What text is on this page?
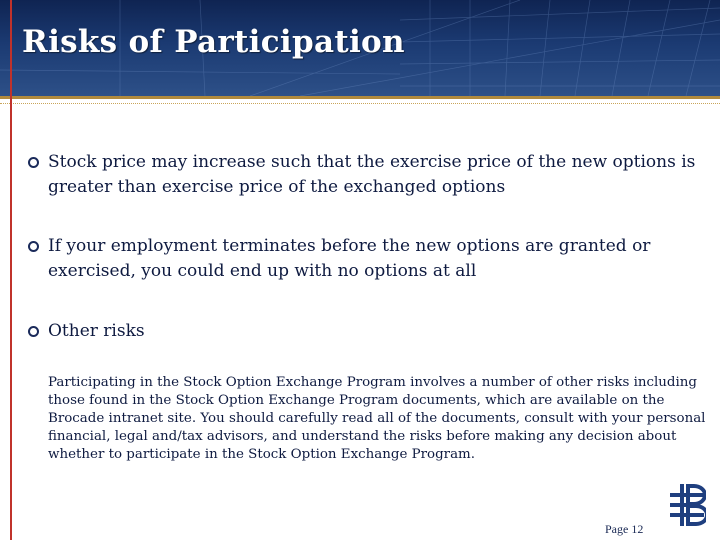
Risks of Participation
Stock price may increase such that the exercise price of the new options is greater than exercise price of the exchanged options
If your employment terminates before the new options are granted or exercised, you could end up with no options at all
Other risks
Participating in the Stock Option Exchange Program involves a number of other risks including those found in the Stock Option Exchange Program documents, which are available on the Brocade intranet site. You should carefully read all of the documents, consult with your personal financial, legal and/tax advisors, and understand the risks before making any decision about whether to participate in the Stock Option Exchange Program.
Page 12
